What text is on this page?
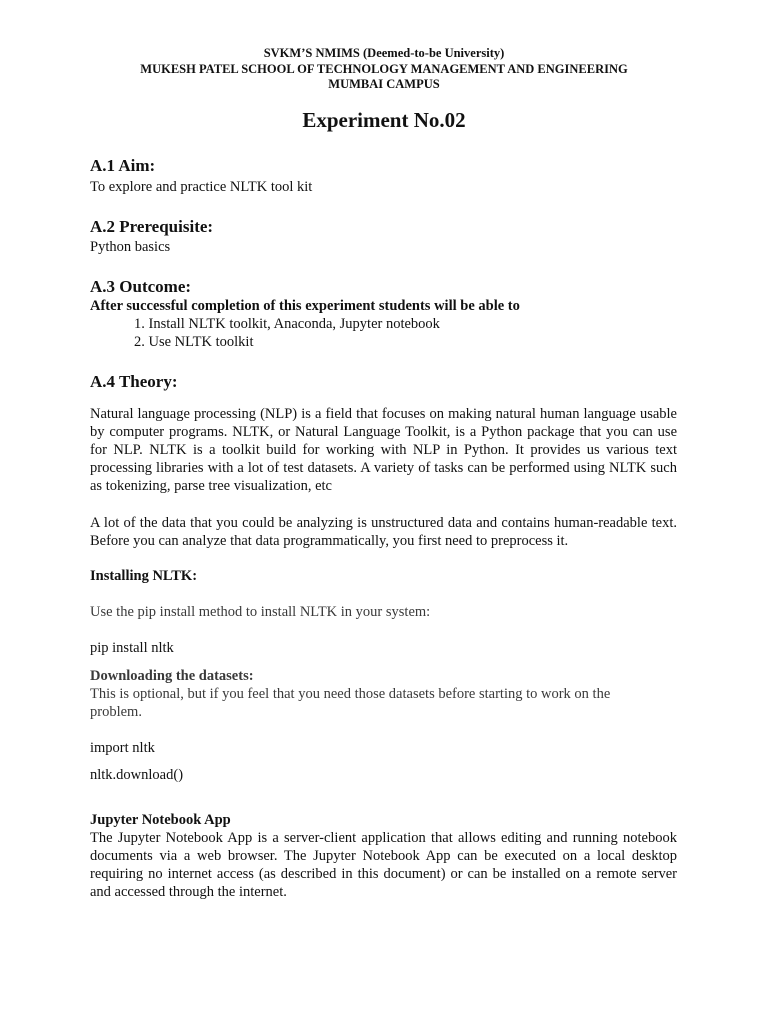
SVKM’S NMIMS (Deemed-to-be University)
MUKESH PATEL SCHOOL OF TECHNOLOGY MANAGEMENT AND ENGINEERING
MUMBAI CAMPUS
Experiment No.02
A.1 Aim:
To explore and practice NLTK tool kit
A.2 Prerequisite:
Python basics
A.3 Outcome:
After successful completion of this experiment students will be able to
1. Install NLTK toolkit, Anaconda, Jupyter notebook
2. Use NLTK toolkit
A.4 Theory:

Natural language processing (NLP) is a field that focuses on making natural human language usable by computer programs. NLTK, or Natural Language Toolkit, is a Python package that you can use for NLP. NLTK is a toolkit build for working with NLP in Python. It provides us various text processing libraries with a lot of test datasets. A variety of tasks can be performed using NLTK such as tokenizing, parse tree visualization, etc

A lot of the data that you could be analyzing is unstructured data and contains human-readable text. Before you can analyze that data programmatically, you first need to preprocess it.

Installing NLTK:
Use the pip install method to install NLTK in your system:
pip install nltk
Downloading the datasets:

This is optional, but if you feel that you need those datasets before starting to work on the problem.

import nltk
nltk.download()
Jupyter Notebook App

The Jupyter Notebook App is a server-client application that allows editing and running notebook documents via a web browser. The Jupyter Notebook App can be executed on a local desktop requiring no internet access (as described in this document) or can be installed on a remote server and accessed through the internet.
